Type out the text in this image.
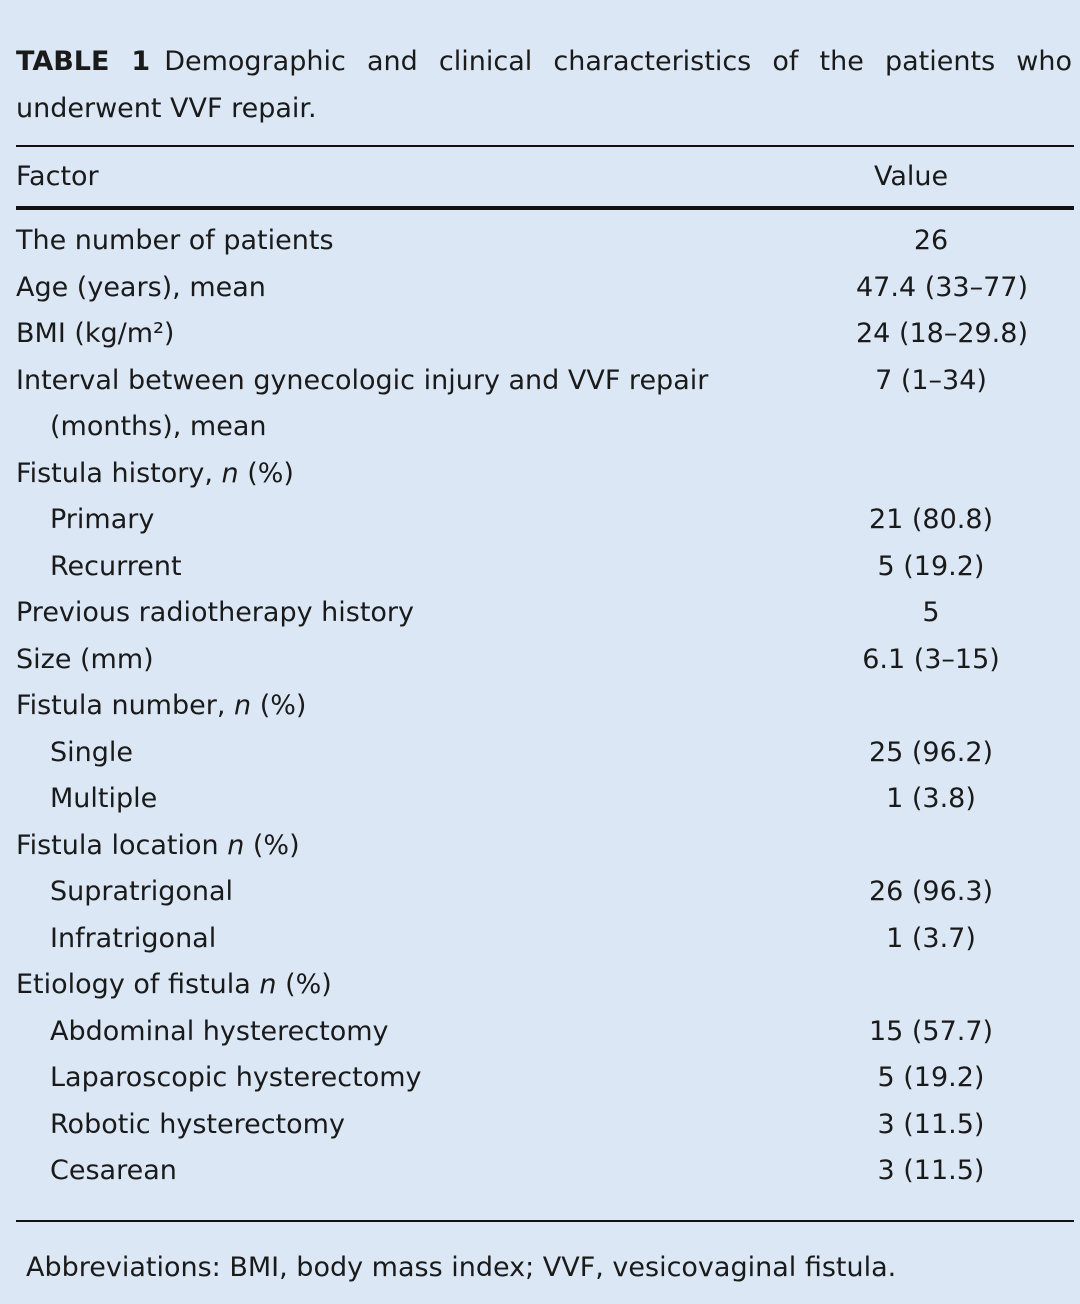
TABLE 1 Demographic and clinical characteristics of the patients who underwent VVF repair.
Factor	Value
The number of patients	26
Age (years), mean	47.4 (33–77)
BMI (kg/m²)	24 (18–29.8)
Interval between gynecologic injury and VVF repair	7 (1–34)
(months), mean
Fistula history, n (%)
Primary	21 (80.8)
Recurrent	5 (19.2)
Previous radiotherapy history	5
Size (mm)	6.1 (3–15)
Fistula number, n (%)
Single	25 (96.2)
Multiple	1 (3.8)
Fistula location n (%)
Supratrigonal	26 (96.3)
Infratrigonal	1 (3.7)
Etiology of fistula n (%)
Abdominal hysterectomy	15 (57.7)
Laparoscopic hysterectomy	5 (19.2)
Robotic hysterectomy	3 (11.5)
Cesarean	3 (11.5)
Abbreviations: BMI, body mass index; VVF, vesicovaginal fistula.
